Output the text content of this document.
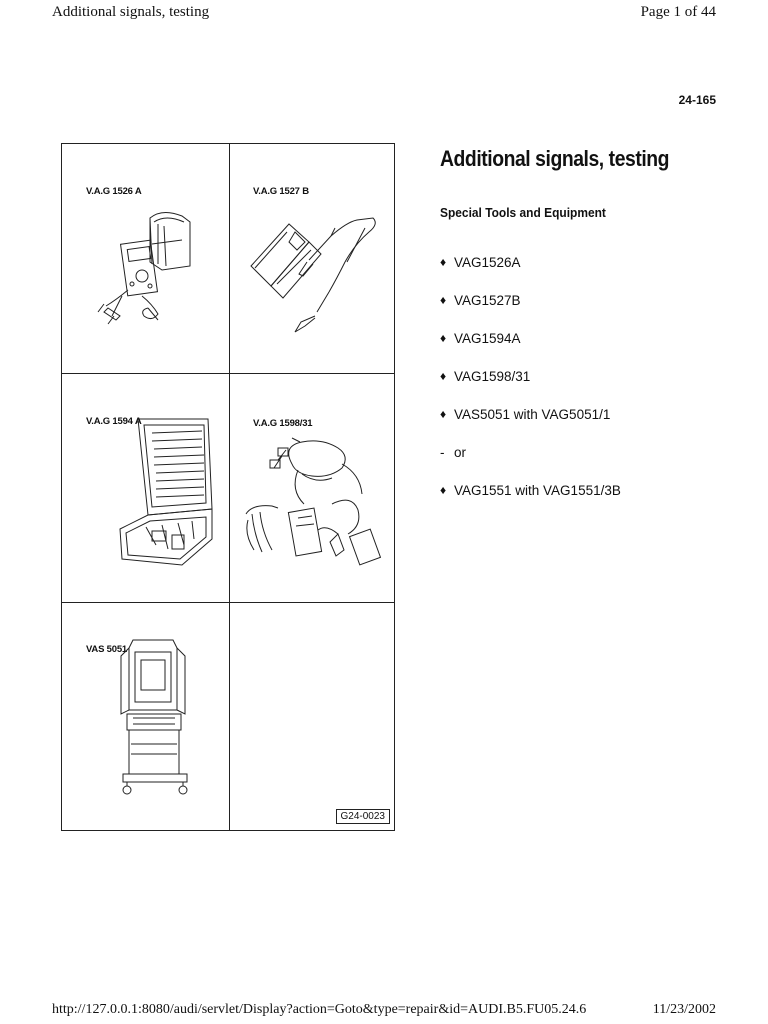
Additional signals, testing	Page 1 of 44
24-165
V.A.G 1526 A	V.A.G 1527 B
V.A.G 1594 A	V.A.G 1598/31
VAS 5051
G24-0023
Additional signals, testing
Special Tools and Equipment
♦ VAG1526A
♦ VAG1527B
♦ VAG1594A
♦ VAG1598/31
♦ VAS5051 with VAG5051/1
- or
♦ VAG1551 with VAG1551/3B
http://127.0.0.1:8080/audi/servlet/Display?action=Goto&type=repair&id=AUDI.B5.FU05.24.6	11/23/2002
